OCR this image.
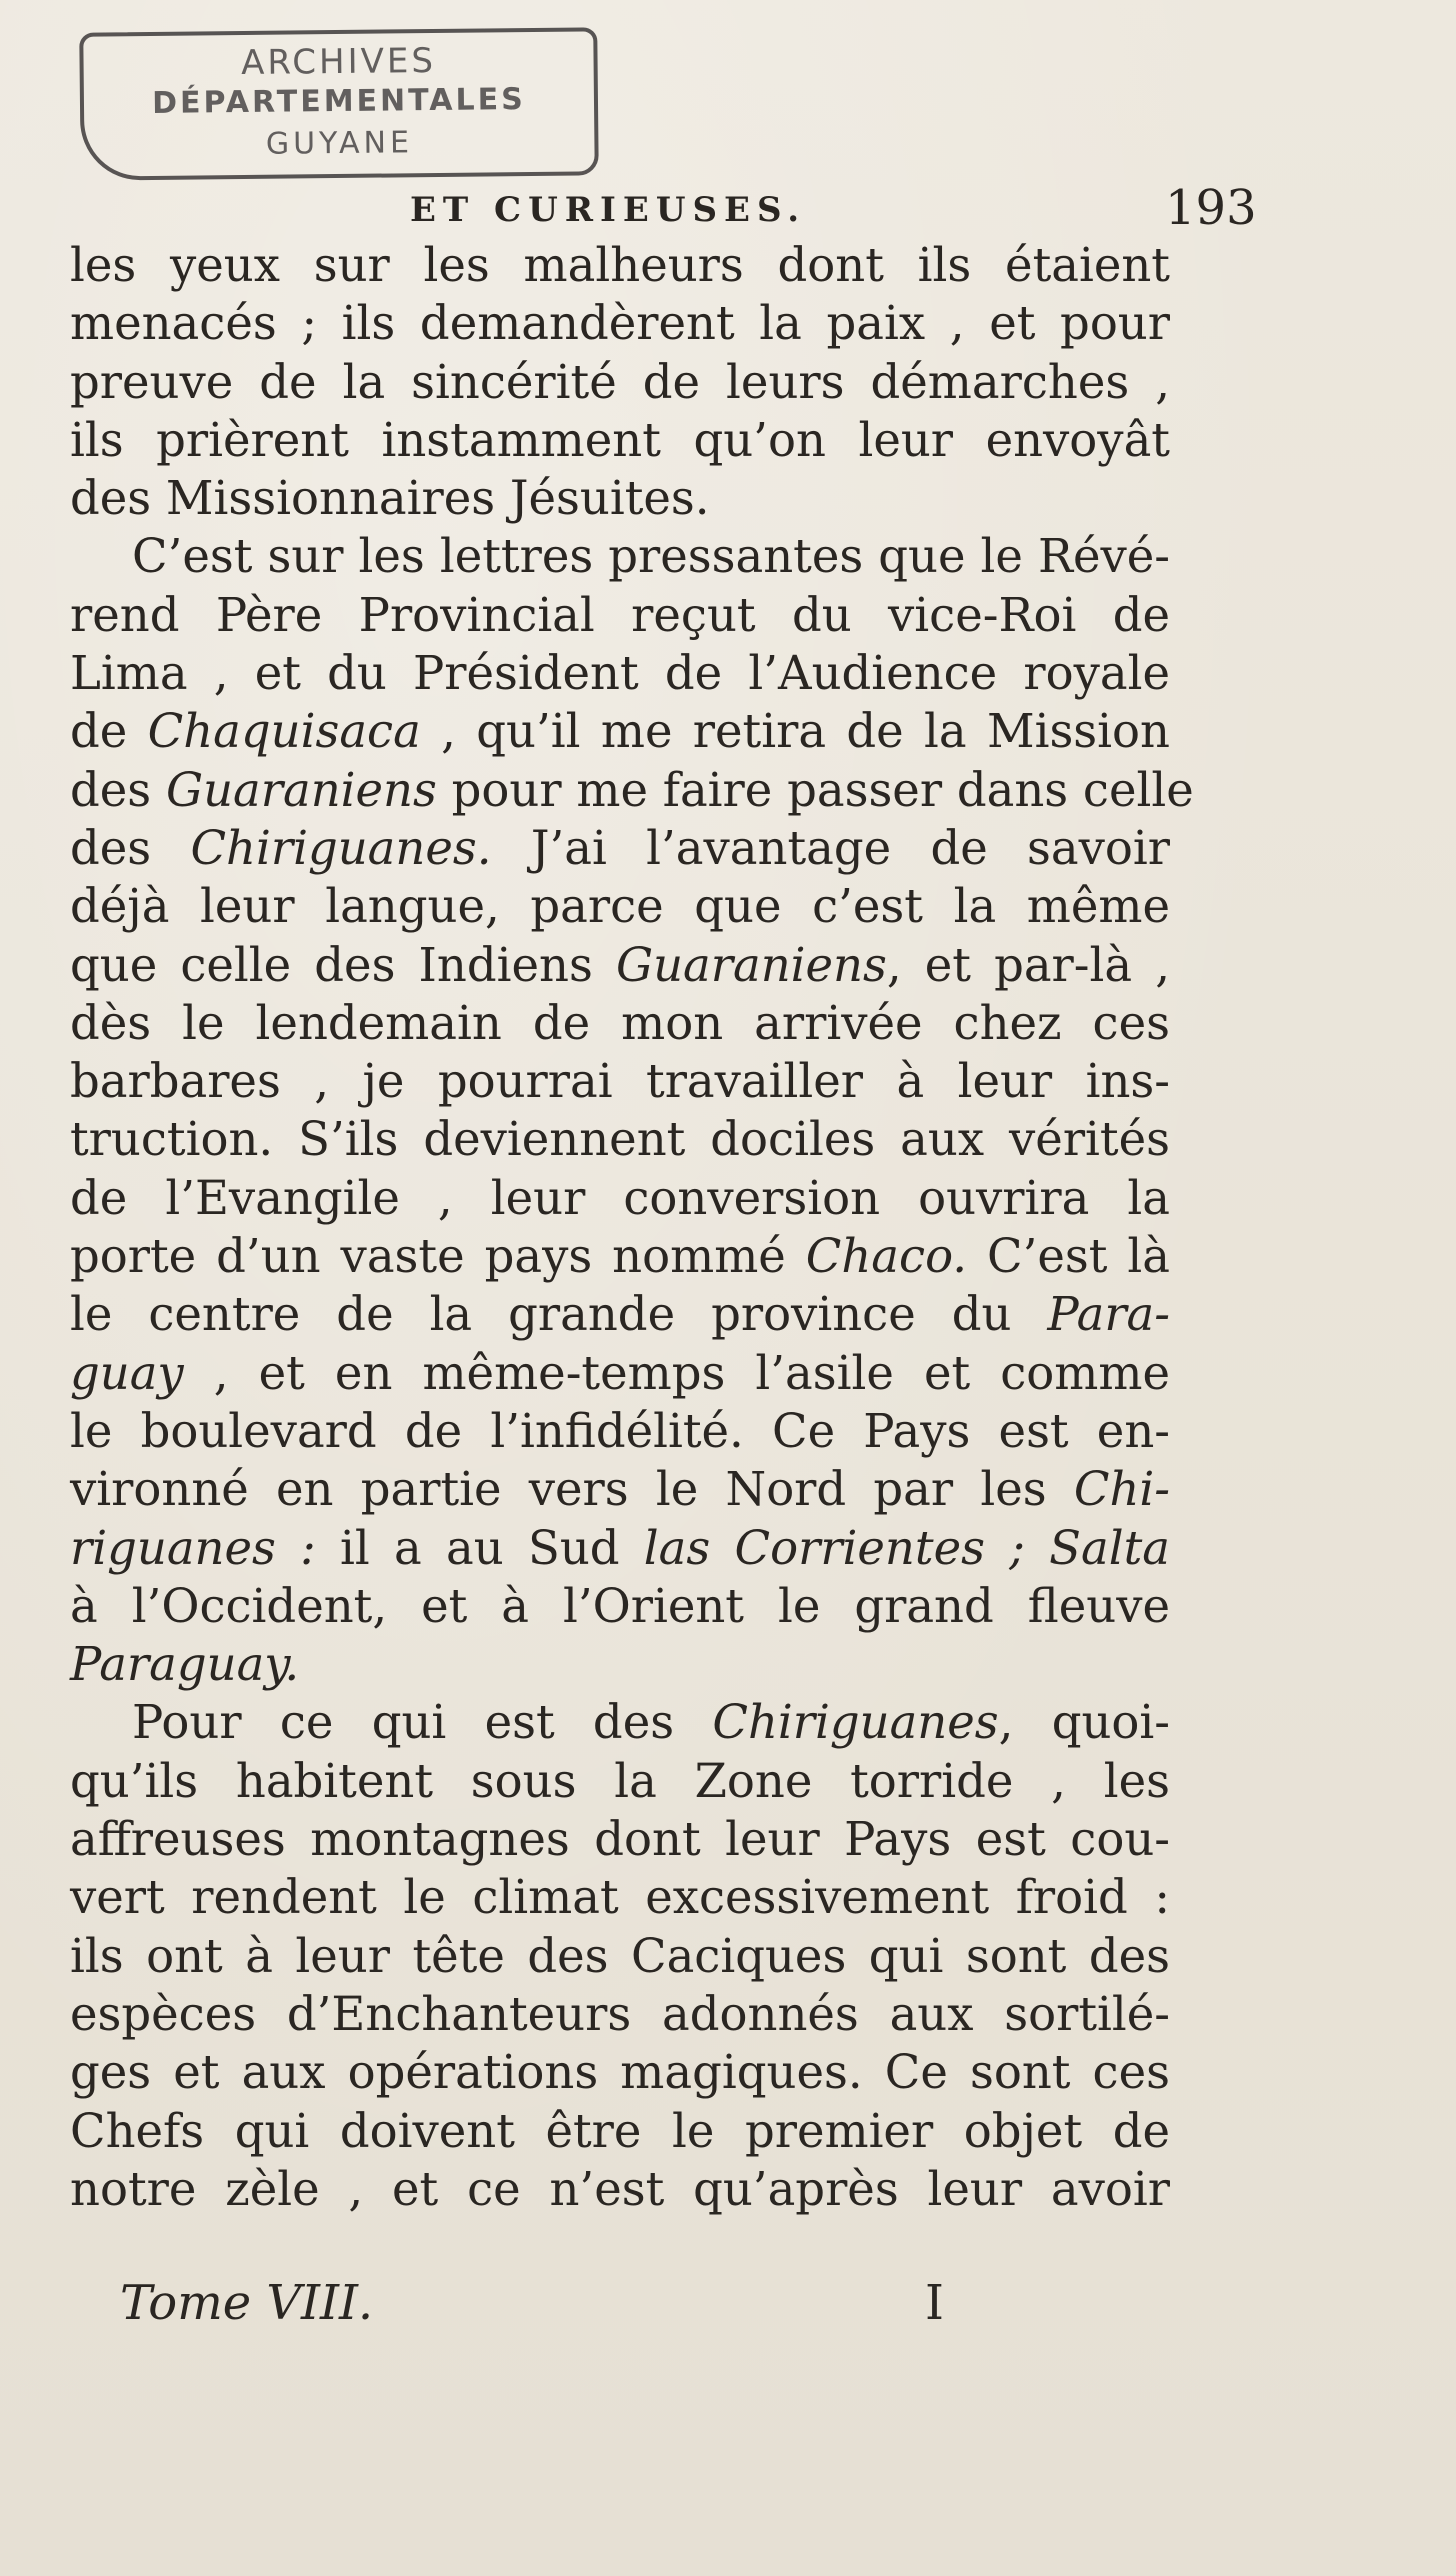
ARCHIVES
DÉPARTEMENTALES
GUYANE
ET CURIEUSES.	193
les yeux sur les malheurs dont ils étaient
menacés ; ils demandèrent la paix , et pour
preuve de la sincérité de leurs démarches ,
ils prièrent instamment qu’on leur envoyât
des Missionnaires Jésuites.
C’est sur les lettres pressantes que le Révé-
rend Père Provincial reçut du vice-Roi de
Lima , et du Président de l’Audience royale
de Chaquisaca , qu’il me retira de la Mission
des Guaraniens pour me faire passer dans celle
des Chiriguanes. J’ai l’avantage de savoir
déjà leur langue, parce que c’est la même
que celle des Indiens Guaraniens, et par-là ,
dès le lendemain de mon arrivée chez ces
barbares , je pourrai travailler à leur ins-
truction. S’ils deviennent dociles aux vérités
de l’Evangile , leur conversion ouvrira la
porte d’un vaste pays nommé Chaco. C’est là
le centre de la grande province du Para-
guay , et en même-temps l’asile et comme
le boulevard de l’infidélité. Ce Pays est en-
vironné en partie vers le Nord par les Chi-
riguanes : il a au Sud las Corrientes ; Salta
à l’Occident, et à l’Orient le grand fleuve
Paraguay.
Pour ce qui est des Chiriguanes, quoi-
qu’ils habitent sous la Zone torride , les
affreuses montagnes dont leur Pays est cou-
vert rendent le climat excessivement froid :
ils ont à leur tête des Caciques qui sont des
espèces d’Enchanteurs adonnés aux sortilé-
ges et aux opérations magiques. Ce sont ces
Chefs qui doivent être le premier objet de
notre zèle , et ce n’est qu’après leur avoir
Tome VIII.	I
